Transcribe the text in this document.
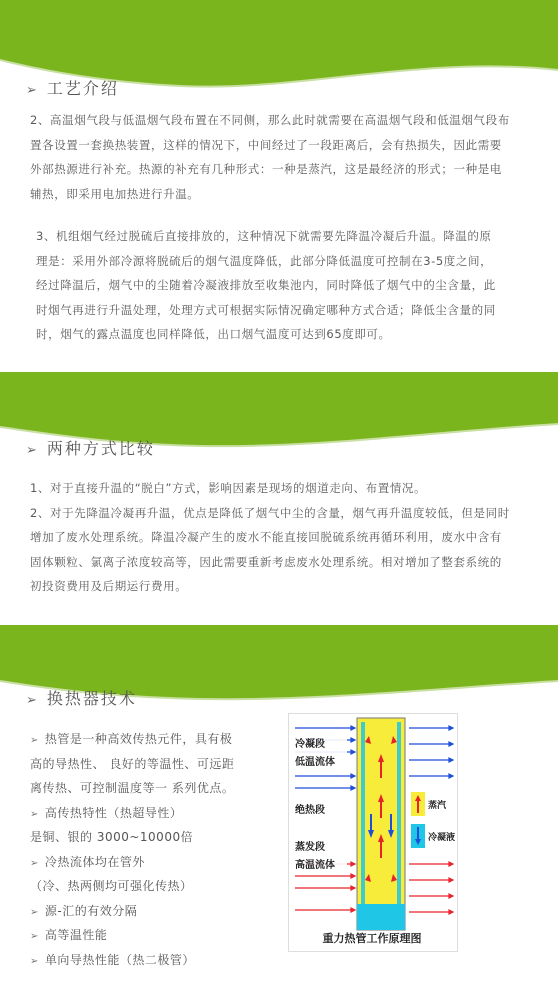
➢ 工艺介绍
2、高温烟气段与低温烟气段布置在不同侧，那么此时就需要在高温烟气段和低温烟气段布
置各设置一套换热装置，这样的情况下，中间经过了一段距离后，会有热损失，因此需要
外部热源进行补充。热源的补充有几种形式：一种是蒸汽，这是最经济的形式；一种是电
辅热，即采用电加热进行升温。
3、机组烟气经过脱硫后直接排放的，这种情况下就需要先降温冷凝后升温。降温的原
理是：采用外部冷源将脱硫后的烟气温度降低，此部分降低温度可控制在3-5度之间，
经过降温后，烟气中的尘随着冷凝液排放至收集池内，同时降低了烟气中的尘含量，此
时烟气再进行升温处理，处理方式可根据实际情况确定哪种方式合适；降低尘含量的同
时，烟气的露点温度也同样降低，出口烟气温度可达到65度即可。
➢ 两种方式比较
1、对于直接升温的“脱白”方式，影响因素是现场的烟道走向、布置情况。
2、对于先降温冷凝再升温，优点是降低了烟气中尘的含量，烟气再升温度较低，但是同时
增加了废水处理系统。降温冷凝产生的废水不能直接回脱硫系统再循环利用，废水中含有
固体颗粒、氯离子浓度较高等，因此需要重新考虑废水处理系统。相对增加了整套系统的
初投资费用及后期运行费用。
➢ 换热器技术
➢ 热管是一种高效传热元件，具有极
高的导热性、 良好的等温性、可远距
离传热、可控制温度等一 系列优点。
➢ 高传热特性（热超导性）
是铜、银的 3000~10000倍
➢ 冷热流体均在管外
（冷、热两侧均可强化传热）
➢ 源-汇的有效分隔
➢ 高等温性能
➢ 单向导热性能（热二极管）
冷凝段
低温流体
绝热段
蒸发段
高温流体
蒸汽
冷凝液
重力热管工作原理图
